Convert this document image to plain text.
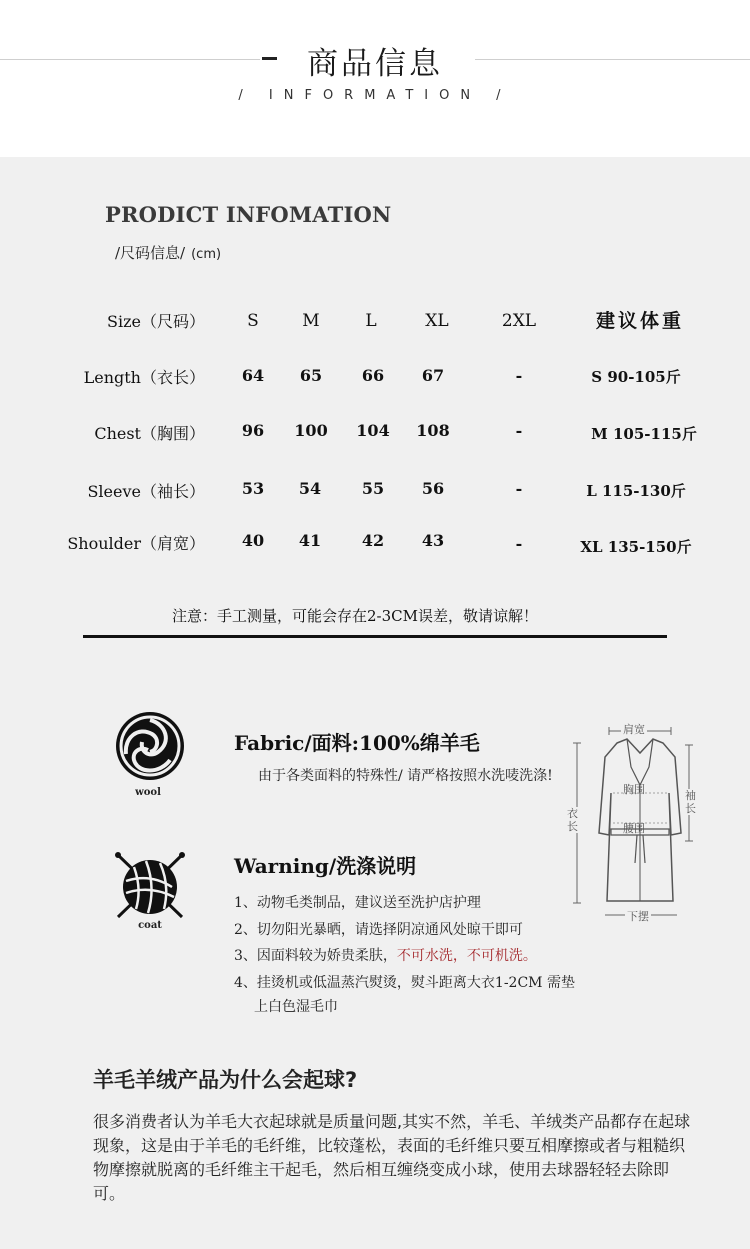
商品信息
/ INFORMATION /
PRODICT INFOMATION
/尺码信息/ (cm)
Size（尺码）	S	M	L	XL	2XL	建议体重
Length（衣长）	64	65	66	67	-	S 90-105斤
Chest（胸围）	96	100	104	108	-	M 105-115斤
Sleeve（袖长）	53	54	55	56	-	L 115-130斤
Shoulder（肩宽）	40	41	42	43	-	XL 135-150斤
注意：手工测量，可能会存在2-3CM误差，敬请谅解！
wool
coat
Fabric/面料:100%绵羊毛
由于各类面料的特殊性/ 请严格按照水洗唛洗涤!
Warning/洗涤说明
1、动物毛类制品，建议送至洗护店护理
2、切勿阳光暴晒，请选择阴凉通风处晾干即可
3、因面料较为娇贵柔肤，不可水洗，不可机洗。
4、挂烫机或低温蒸汽熨烫，熨斗距离大衣1-2CM 需垫
上白色湿毛巾
肩宽
胸围
腰围
衣长
袖长
下摆
羊毛羊绒产品为什么会起球?
很多消费者认为羊毛大衣起球就是质量问题,其实不然，羊毛、羊绒类产品都存在起球现象，这是由于羊毛的毛纤维，比较蓬松，表面的毛纤维只要互相摩擦或者与粗糙织物摩擦就脱离的毛纤维主干起毛，然后相互缠绕变成小球，使用去球器轻轻去除即可。
